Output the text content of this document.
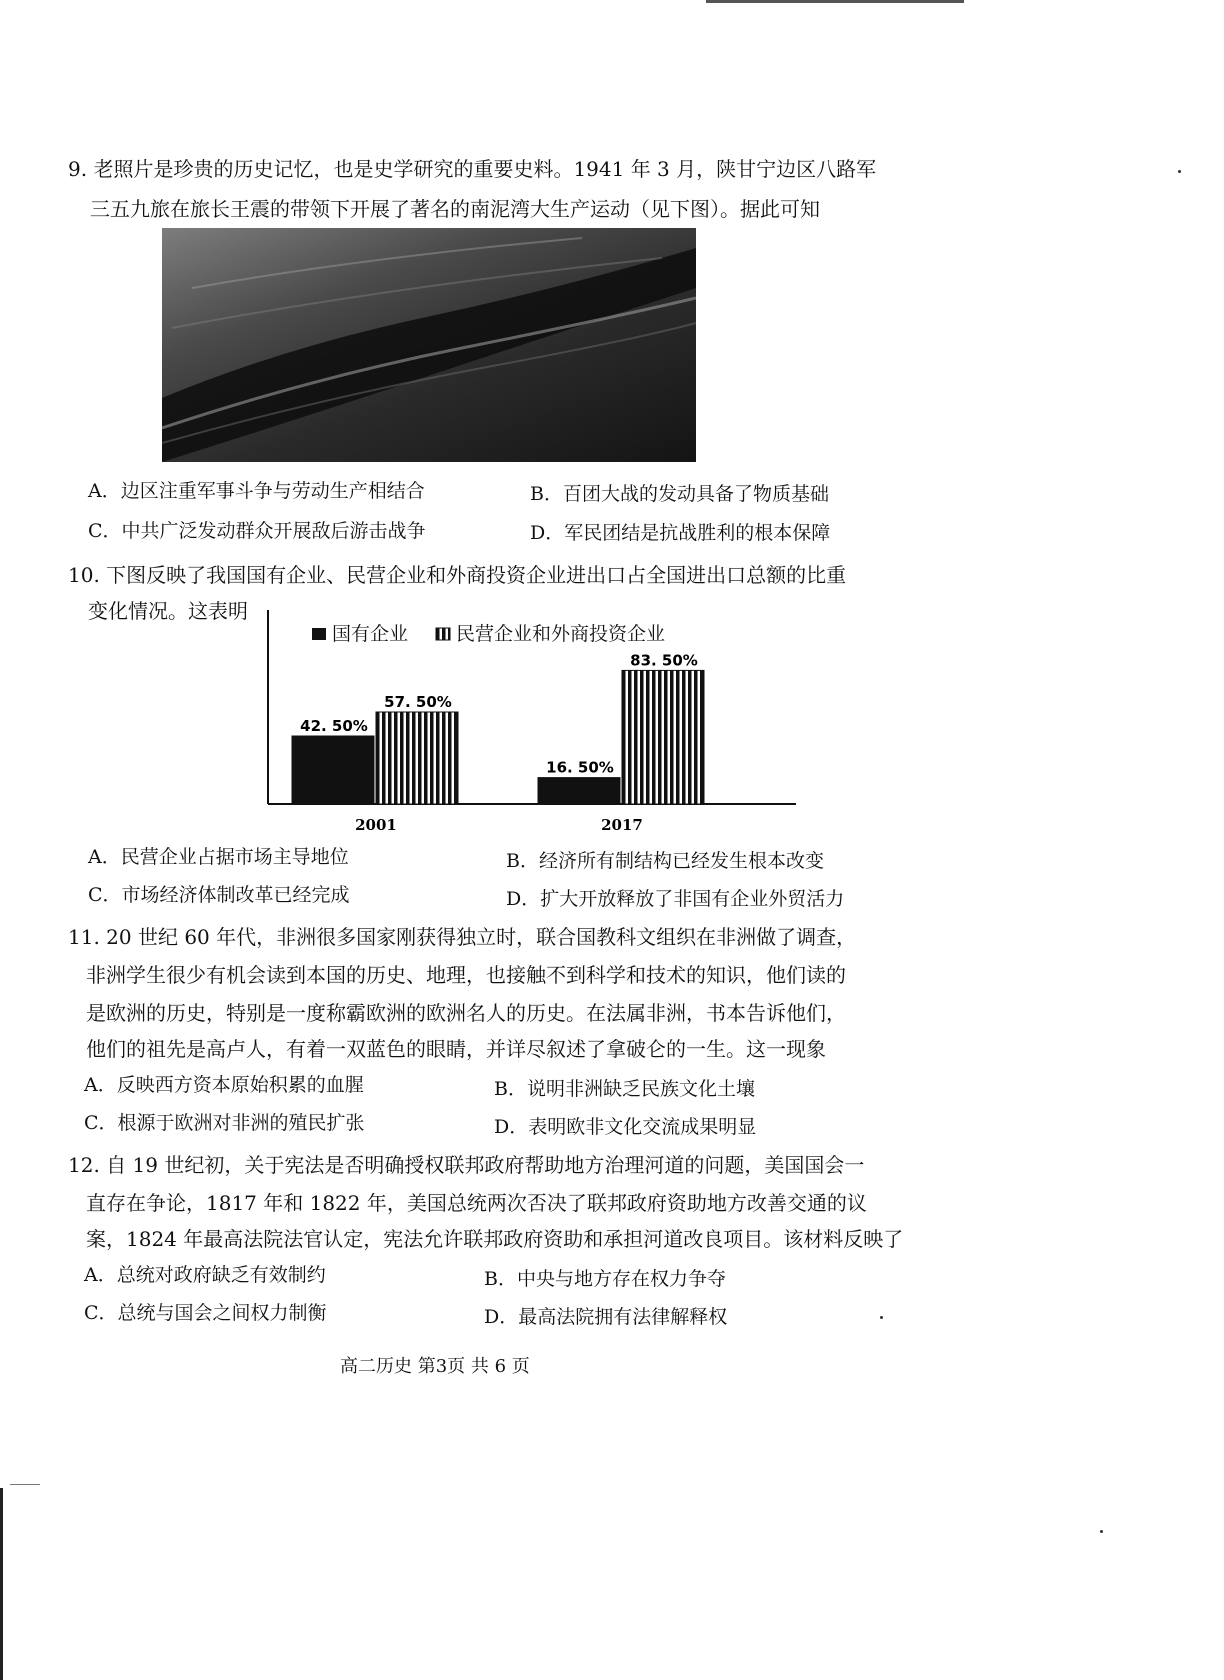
9. 老照片是珍贵的历史记忆，也是史学研究的重要史料。1941 年 3 月，陕甘宁边区八路军
三五九旅在旅长王震的带领下开展了著名的南泥湾大生产运动（见下图）。据此可知
A．边区注重军事斗争与劳动生产相结合	B．百团大战的发动具备了物质基础
C．中共广泛发动群众开展敌后游击战争	D．军民团结是抗战胜利的根本保障
10. 下图反映了我国国有企业、民营企业和外商投资企业进出口占全国进出口总额的比重
变化情况。这表明
国有企业	民营企业和外商投资企业
42. 50%
57. 50%
2001
16. 50%
83. 50%
2017
A．民营企业占据市场主导地位	B．经济所有制结构已经发生根本改变
C．市场经济体制改革已经完成	D．扩大开放释放了非国有企业外贸活力
11. 20 世纪 60 年代，非洲很多国家刚获得独立时，联合国教科文组织在非洲做了调查，
非洲学生很少有机会读到本国的历史、地理，也接触不到科学和技术的知识，他们读的
是欧洲的历史，特别是一度称霸欧洲的欧洲名人的历史。在法属非洲，书本告诉他们，
他们的祖先是高卢人，有着一双蓝色的眼睛，并详尽叙述了拿破仑的一生。这一现象
A．反映西方资本原始积累的血腥	B．说明非洲缺乏民族文化土壤
C．根源于欧洲对非洲的殖民扩张	D．表明欧非文化交流成果明显
12. 自 19 世纪初，关于宪法是否明确授权联邦政府帮助地方治理河道的问题，美国国会一
直存在争论，1817 年和 1822 年，美国总统两次否决了联邦政府资助地方改善交通的议
案，1824 年最高法院法官认定，宪法允许联邦政府资助和承担河道改良项目。该材料反映了
A．总统对政府缺乏有效制约	B．中央与地方存在权力争夺
C．总统与国会之间权力制衡	D．最高法院拥有法律解释权
高二历史 第3页 共 6 页
